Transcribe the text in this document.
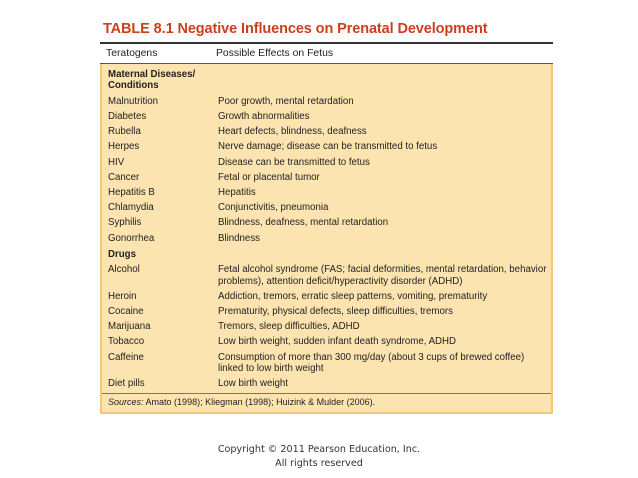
TABLE 8.1 Negative Influences on Prenatal Development
Teratogens	Possible Effects on Fetus
Maternal Diseases/ Conditions
Malnutrition	Poor growth, mental retardation
Diabetes	Growth abnormalities
Rubella	Heart defects, blindness, deafness
Herpes	Nerve damage; disease can be transmitted to fetus
HIV	Disease can be transmitted to fetus
Cancer	Fetal or placental tumor
Hepatitis B	Hepatitis
Chlamydia	Conjunctivitis, pneumonia
Syphilis	Blindness, deafness, mental retardation
Gonorrhea	Blindness
Drugs
Alcohol	Fetal alcohol syndrome (FAS; facial deformities, mental retardation, behavior problems), attention deficit/hyperactivity disorder (ADHD)
Heroin	Addiction, tremors, erratic sleep patterns, vomiting, prematurity
Cocaine	Prematurity, physical defects, sleep difficulties, tremors
Marijuana	Tremors, sleep difficulties, ADHD
Tobacco	Low birth weight, sudden infant death syndrome, ADHD
Caffeine	Consumption of more than 300 mg/day (about 3 cups of brewed coffee) linked to low birth weight
Diet pills	Low birth weight
Sources: Amato (1998); Kliegman (1998); Huizink & Mulder (2006).
Copyright © 2011 Pearson Education, Inc.
All rights reserved
